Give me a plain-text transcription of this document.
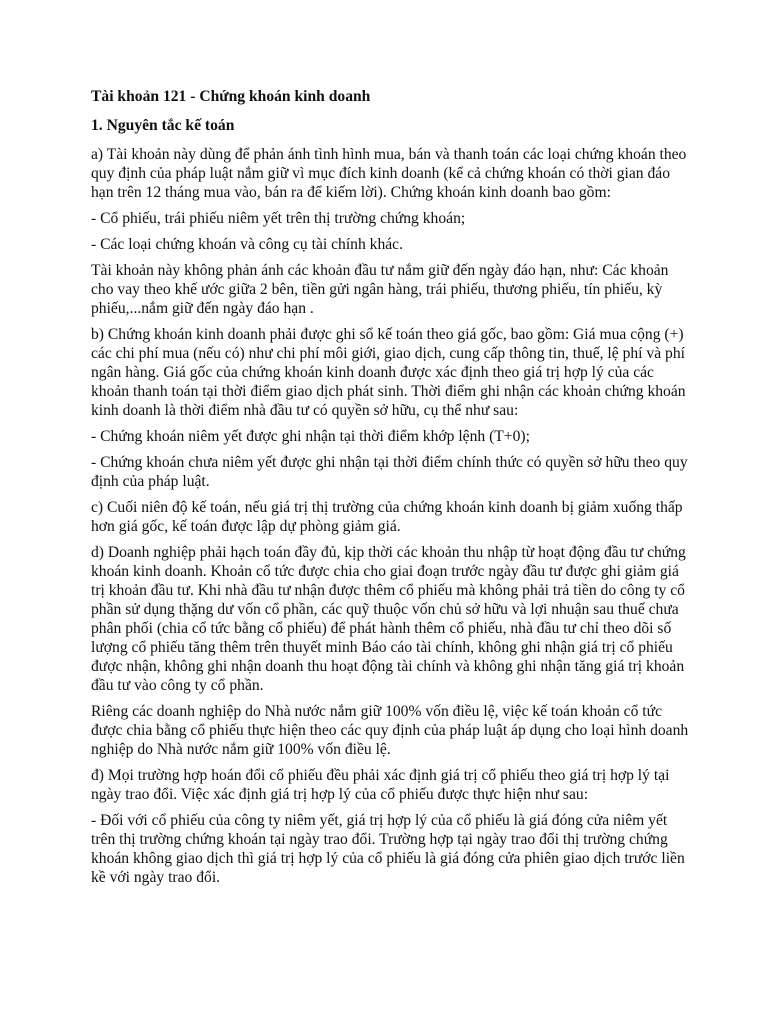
Tài khoản 121 - Chứng khoán kinh doanh
1. Nguyên tắc kế toán

a) Tài khoản này dùng để phản ánh tình hình mua, bán và thanh toán các loại chứng khoán theo quy định của pháp luật nắm giữ vì mục đích kinh doanh (kể cả chứng khoán có thời gian đáo hạn trên 12 tháng mua vào, bán ra để kiếm lời). Chứng khoán kinh doanh bao gồm:

- Cổ phiếu, trái phiếu niêm yết trên thị trường chứng khoán;

- Các loại chứng khoán và công cụ tài chính khác.

Tài khoản này không phản ánh các khoản đầu tư nắm giữ đến ngày đáo hạn, như: Các khoản cho vay theo khế ước giữa 2 bên, tiền gửi ngân hàng, trái phiếu, thương phiếu, tín phiếu, kỳ phiếu,...nắm giữ đến ngày đáo hạn .

b) Chứng khoán kinh doanh phải được ghi sổ kế toán theo giá gốc, bao gồm: Giá mua cộng (+) các chi phí mua (nếu có) như chi phí môi giới, giao dịch, cung cấp thông tin, thuế, lệ phí và phí ngân hàng. Giá gốc của chứng khoán kinh doanh được xác định theo giá trị hợp lý của các khoản thanh toán tại thời điểm giao dịch phát sinh. Thời điểm ghi nhận các khoản chứng khoán kinh doanh là thời điểm nhà đầu tư có quyền sở hữu, cụ thể như sau:

- Chứng khoán niêm yết được ghi nhận tại thời điểm khớp lệnh (T+0);

- Chứng khoán chưa niêm yết được ghi nhận tại thời điểm chính thức có quyền sở hữu theo quy định của pháp luật.

c) Cuối niên độ kế toán, nếu giá trị thị trường của chứng khoán kinh doanh bị giảm xuống thấp hơn giá gốc, kế toán được lập dự phòng giảm giá.

d) Doanh nghiệp phải hạch toán đầy đủ, kịp thời các khoản thu nhập từ hoạt động đầu tư chứng khoán kinh doanh. Khoản cổ tức được chia cho giai đoạn trước ngày đầu tư được ghi giảm giá trị khoản đầu tư. Khi nhà đầu tư nhận được thêm cổ phiếu mà không phải trả tiền do công ty cổ phần sử dụng thặng dư vốn cổ phần, các quỹ thuộc vốn chủ sở hữu và lợi nhuận sau thuế chưa phân phối (chia cổ tức bằng cổ phiếu) để phát hành thêm cổ phiếu, nhà đầu tư chỉ theo dõi số lượng cổ phiếu tăng thêm trên thuyết minh Báo cáo tài chính, không ghi nhận giá trị cổ phiếu được nhận, không ghi nhận doanh thu hoạt động tài chính và không ghi nhận tăng giá trị khoản đầu tư vào công ty cổ phần.

Riêng các doanh nghiệp do Nhà nước nắm giữ 100% vốn điều lệ, việc kế toán khoản cổ tức được chia bằng cổ phiếu thực hiện theo các quy định của pháp luật áp dụng cho loại hình doanh nghiệp do Nhà nước nắm giữ 100% vốn điều lệ.

đ) Mọi trường hợp hoán đổi cổ phiếu đều phải xác định giá trị cổ phiếu theo giá trị hợp lý tại ngày trao đổi. Việc xác định giá trị hợp lý của cổ phiếu được thực hiện như sau:

- Đối với cổ phiếu của công ty niêm yết, giá trị hợp lý của cổ phiếu là giá đóng cửa niêm yết trên thị trường chứng khoán tại ngày trao đổi. Trường hợp tại ngày trao đổi thị trường chứng khoán không giao dịch thì giá trị hợp lý của cổ phiếu là giá đóng cửa phiên giao dịch trước liền kề với ngày trao đổi.
